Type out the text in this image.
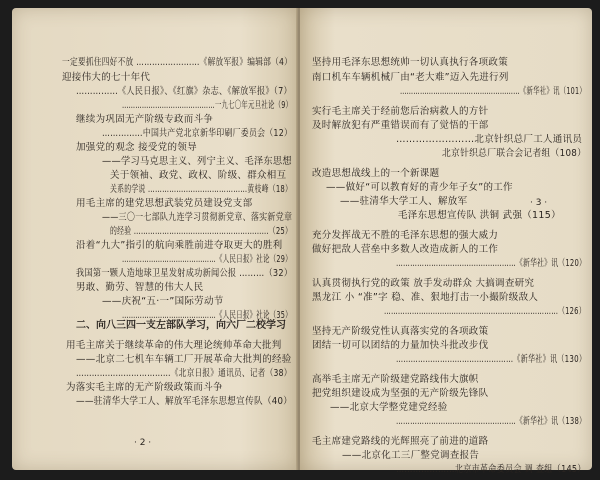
一定要抓住四好不放 ……………………《解放军报》编辑部（4）
迎接伟大的七十年代
……………《人民日报》、《红旗》杂志、《解放军报》（7）
……………………………………一九七〇年元旦社论（9）
继续为巩固无产阶级专政而斗争
……………中国共产党北京新华印刷厂委员会（12）
加强党的观念 接受党的领导
——学习马克思主义、列宁主义、毛泽东思想
关于领袖、政党、政权、阶级、群众相互
关系的学说 ……………………………………黄枝峰（18）
用毛主席的建党思想武装党员建设党支部
——三〇一七部队九连学习贯彻新党章、落实新党章
的经验 …………………………………………………（25）
沿着“九大”指引的航向乘胜前进夺取更大的胜利
……………………………………《人民日报》社论（29）
我国第一颗人造地球卫星发射成功新闻公报 ………（32）
男敢、勤劳、智慧的伟大人民
——庆祝“五·一”国际劳动节
……………………………………《人民日报》社论（35）
二、向八三四一支左部队学习，向六厂二校学习
用毛主席关于继续革命的伟大理论统帅革命大批判
——北京二七机车车辆工厂开展革命大批判的经验
………………………………《北京日报》通讯员、记者（38）
为落实毛主席的无产阶级政策而斗争
——驻清华大学工人、解放军毛泽东思想宣传队（40）
· 2 ·
坚持用毛泽东思想统帅一切认真执行各项政策
南口机车车辆机械厂由“老大难”迈入先进行列
………………………………………………《新华社》讯（101）
实行毛主席关于经前您后治病救人的方针
及时解放犯有严重错误而有了觉悟的干部
……………………北京针织总厂工人通讯员
北京针织总厂联合会记者组（108）
改造思想战线上的一个新课题
——做好“可以教育好的青少年子女”的工作
——驻清华大学工人、解放军
毛泽东思想宣传队 洪铜 武强（115）
充分发挥战无不胜的毛泽东思想的强大威力
做好把敌人营垒中多数人改造成新人的工作
……………………………………………《新华社》讯（120）
认真贯彻执行党的政策 放手发动群众 大搞调查研究
黑龙江 小 “准”字 稳、准、狠地打击一小撮阶级敌人
…………………………………………………………………（126）
坚持无产阶级党性认真落实党的各项政策
团结一切可以团结的力量加快斗批改步伐
…………………………………………《新华社》讯（130）
高举毛主席无产阶级建党路线伟大旗帜
把党组织建设成为坚强的无产阶级先锋队
——北京大学整党建党经验
……………………………………………《新华社》讯（138）
毛主席建党路线的光辉照亮了前进的道路
——北京化工三厂整党调查报告
…………………北京市革命委员会 调 查组（145）
· 3 ·
